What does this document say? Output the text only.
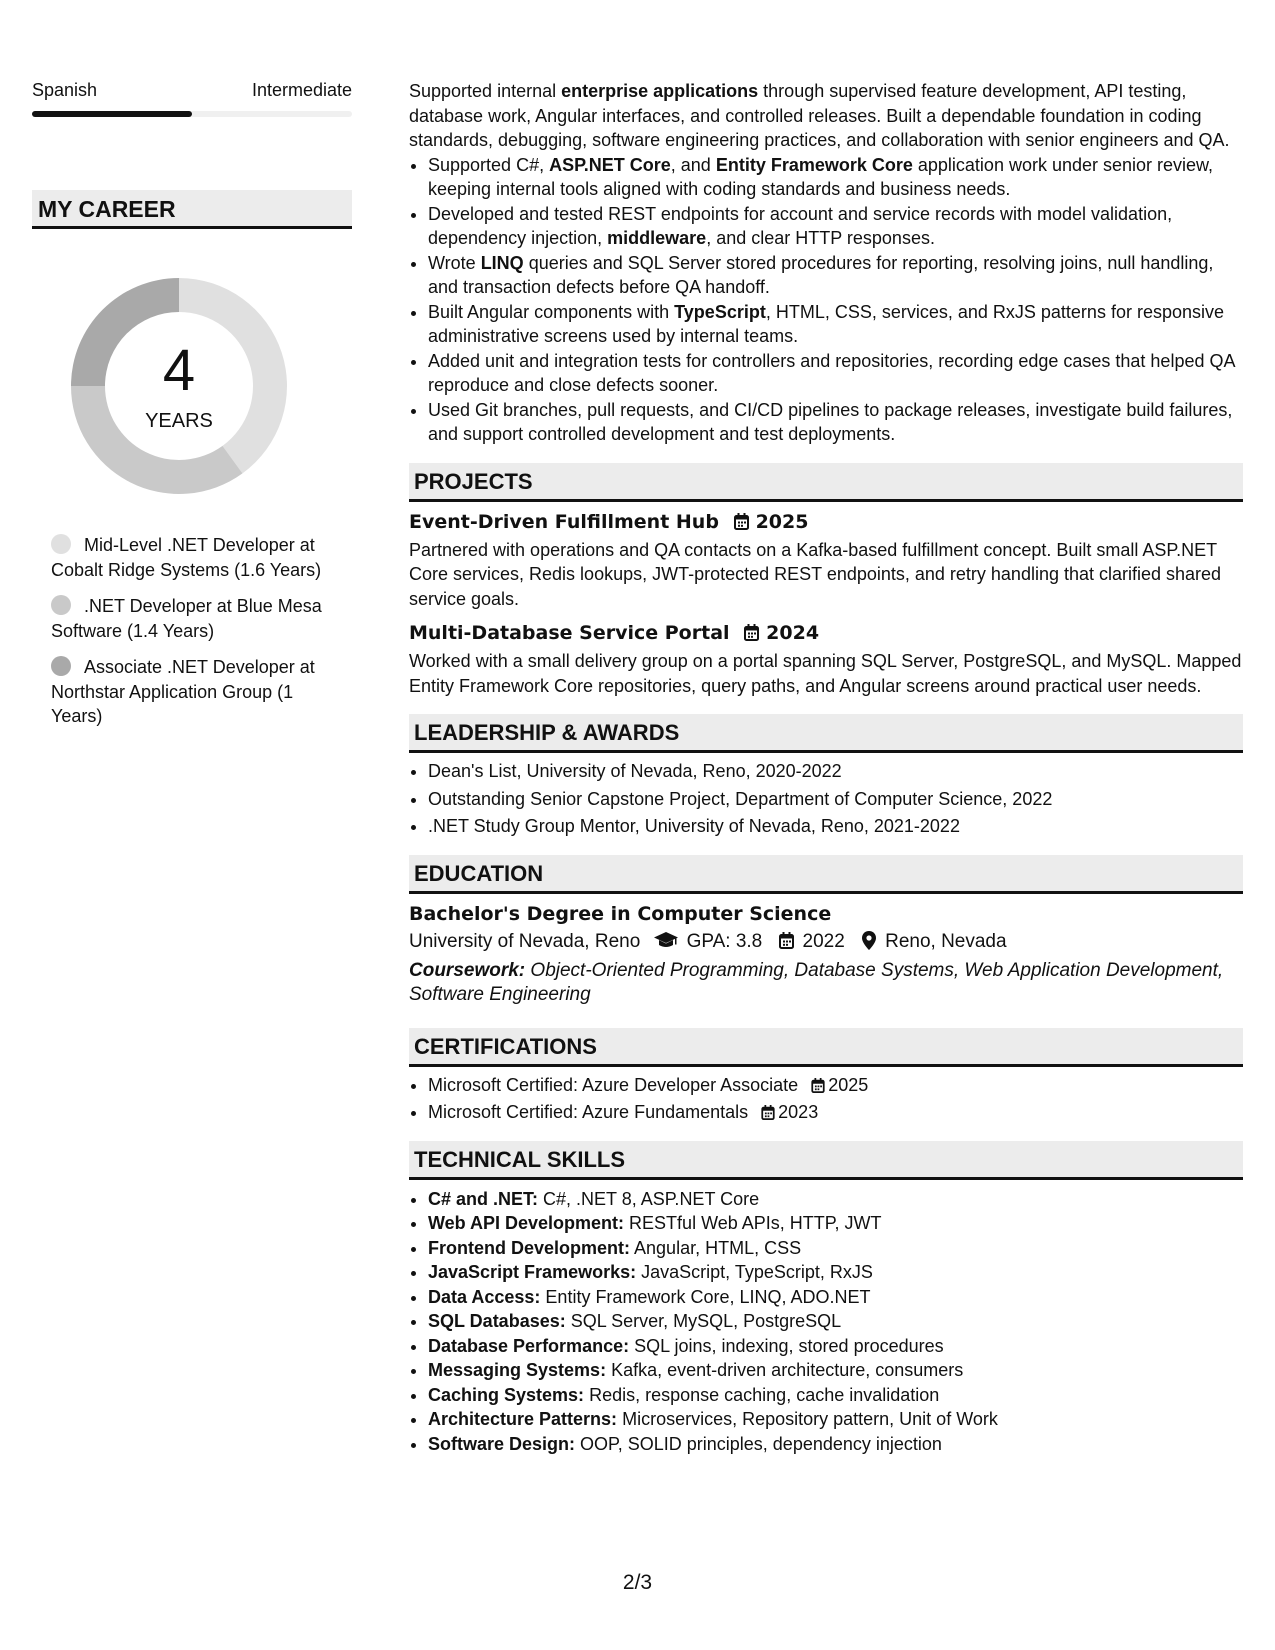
Spanish	Intermediate
MY CAREER
4
YEARS
Mid-Level .NET Developer at Cobalt Ridge Systems (1.6 Years)
.NET Developer at Blue Mesa Software (1.4 Years)
Associate .NET Developer at Northstar Application Group (1 Years)

Supported internal enterprise applications through supervised feature development, API testing, database work, Angular interfaces, and controlled releases. Built a dependable foundation in coding standards, debugging, software engineering practices, and collaboration with senior engineers and QA.

• Supported C#, ASP.NET Core, and Entity Framework Core application work under senior review, keeping internal tools aligned with coding standards and business needs.
• Developed and tested REST endpoints for account and service records with model validation, dependency injection, middleware, and clear HTTP responses.
• Wrote LINQ queries and SQL Server stored procedures for reporting, resolving joins, null handling, and transaction defects before QA handoff.
• Built Angular components with TypeScript, HTML, CSS, services, and RxJS patterns for responsive administrative screens used by internal teams.
• Added unit and integration tests for controllers and repositories, recording edge cases that helped QA reproduce and close defects sooner.
• Used Git branches, pull requests, and CI/CD pipelines to package releases, investigate build failures, and support controlled development and test deployments.
PROJECTS
Event-Driven Fulfillment Hub 2025

Partnered with operations and QA contacts on a Kafka-based fulfillment concept. Built small ASP.NET Core services, Redis lookups, JWT-protected REST endpoints, and retry handling that clarified shared service goals.

Multi-Database Service Portal 2024

Worked with a small delivery group on a portal spanning SQL Server, PostgreSQL, and MySQL. Mapped Entity Framework Core repositories, query paths, and Angular screens around practical user needs.

LEADERSHIP & AWARDS
• Dean's List, University of Nevada, Reno, 2020-2022
• Outstanding Senior Capstone Project, Department of Computer Science, 2022
• .NET Study Group Mentor, University of Nevada, Reno, 2021-2022
EDUCATION
Bachelor's Degree in Computer Science
University of Nevada, Reno GPA: 3.8 2022 Reno, Nevada

Coursework: Object-Oriented Programming, Database Systems, Web Application Development, Software Engineering

CERTIFICATIONS
• Microsoft Certified: Azure Developer Associate 2025
• Microsoft Certified: Azure Fundamentals 2023
TECHNICAL SKILLS
• C# and .NET: C#, .NET 8, ASP.NET Core
• Web API Development: RESTful Web APIs, HTTP, JWT
• Frontend Development: Angular, HTML, CSS
• JavaScript Frameworks: JavaScript, TypeScript, RxJS
• Data Access: Entity Framework Core, LINQ, ADO.NET
• SQL Databases: SQL Server, MySQL, PostgreSQL
• Database Performance: SQL joins, indexing, stored procedures
• Messaging Systems: Kafka, event-driven architecture, consumers
• Caching Systems: Redis, response caching, cache invalidation
• Architecture Patterns: Microservices, Repository pattern, Unit of Work
• Software Design: OOP, SOLID principles, dependency injection
2/3
